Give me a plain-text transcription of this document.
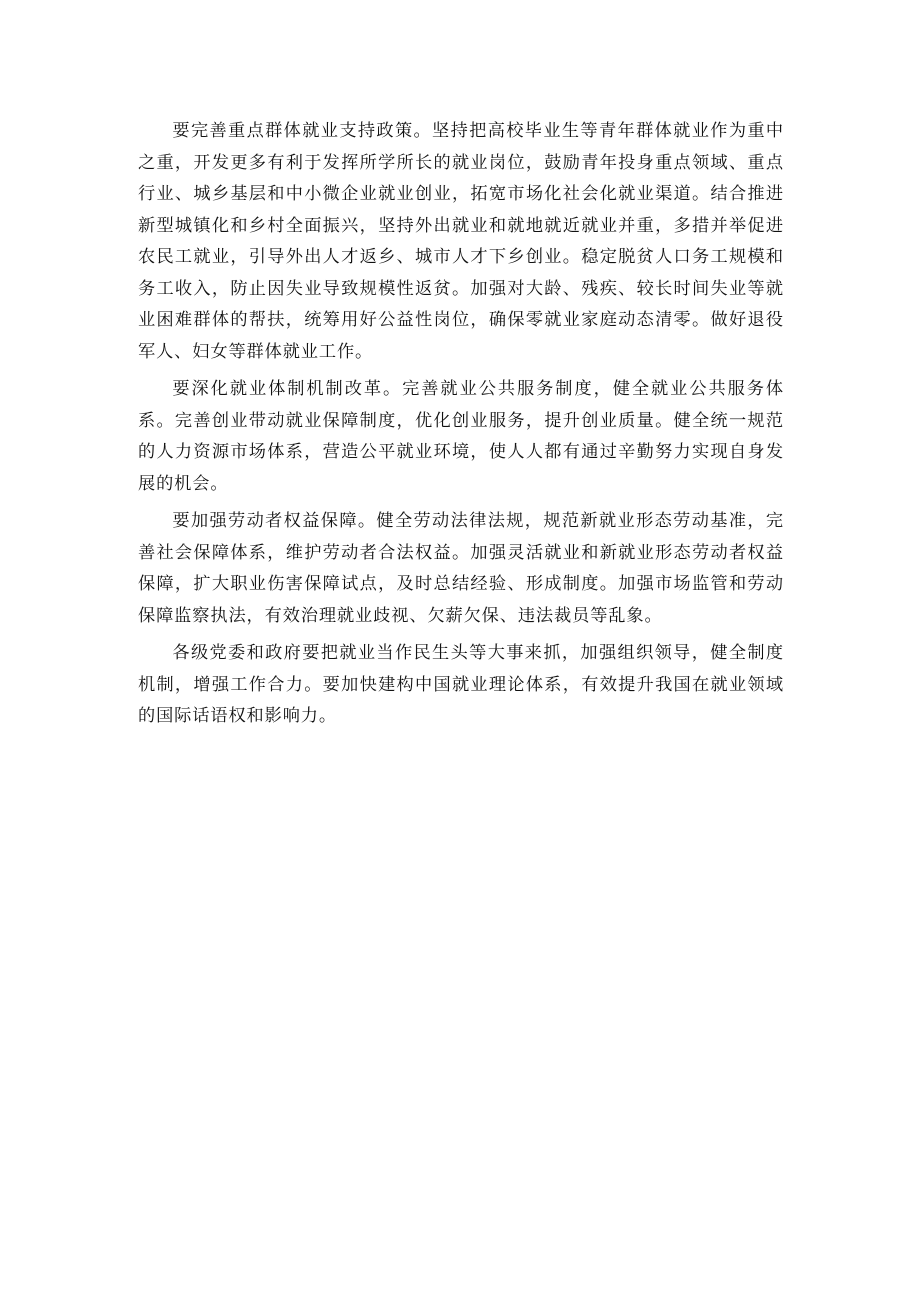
要完善重点群体就业支持政策。坚持把高校毕业生等青年群体就业作为重中之重，开发更多有利于发挥所学所长的就业岗位，鼓励青年投身重点领域、重点行业、城乡基层和中小微企业就业创业，拓宽市场化社会化就业渠道。结合推进新型城镇化和乡村全面振兴，坚持外出就业和就地就近就业并重，多措并举促进农民工就业，引导外出人才返乡、城市人才下乡创业。稳定脱贫人口务工规模和务工收入，防止因失业导致规模性返贫。加强对大龄、残疾、较长时间失业等就业困难群体的帮扶，统筹用好公益性岗位，确保零就业家庭动态清零。做好退役军人、妇女等群体就业工作。

要深化就业体制机制改革。完善就业公共服务制度，健全就业公共服务体系。完善创业带动就业保障制度，优化创业服务，提升创业质量。健全统一规范的人力资源市场体系，营造公平就业环境，使人人都有通过辛勤努力实现自身发展的机会。

要加强劳动者权益保障。健全劳动法律法规，规范新就业形态劳动基准，完善社会保障体系，维护劳动者合法权益。加强灵活就业和新就业形态劳动者权益保障，扩大职业伤害保障试点，及时总结经验、形成制度。加强市场监管和劳动保障监察执法，有效治理就业歧视、欠薪欠保、违法裁员等乱象。

各级党委和政府要把就业当作民生头等大事来抓，加强组织领导，健全制度机制，增强工作合力。要加快建构中国就业理论体系，有效提升我国在就业领域的国际话语权和影响力。
